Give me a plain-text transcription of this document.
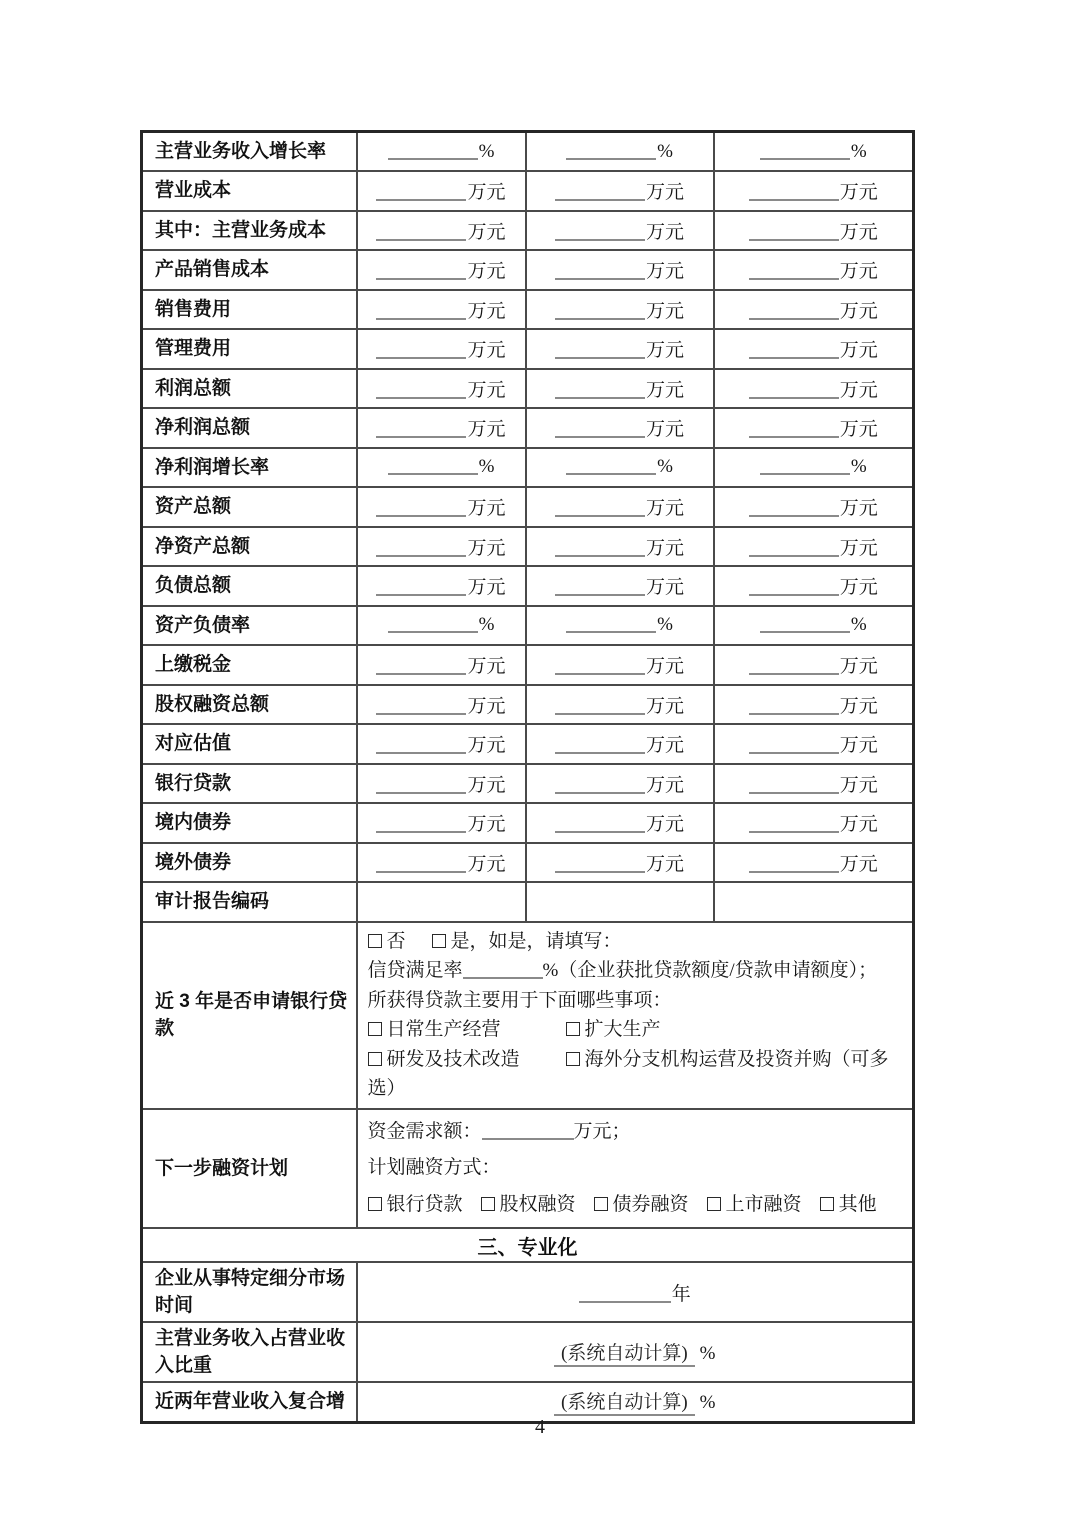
主营业务收入增长率	%	%	%
营业成本	万元	万元	万元
其中：主营业务成本	万元	万元	万元
产品销售成本	万元	万元	万元
销售费用	万元	万元	万元
管理费用	万元	万元	万元
利润总额	万元	万元	万元
净利润总额	万元	万元	万元
净利润增长率	%	%	%
资产总额	万元	万元	万元
净资产总额	万元	万元	万元
负债总额	万元	万元	万元
资产负债率	%	%	%
上缴税金	万元	万元	万元
股权融资总额	万元	万元	万元
对应估值	万元	万元	万元
银行贷款	万元	万元	万元
境内债券	万元	万元	万元
境外债券	万元	万元	万元
审计报告编码			
近 3 年是否申请银行贷款	否 是，如是，请填写：
信贷满足率 %（企业获批贷款额度/贷款申请额度）；
所获得贷款主要用于下面哪些事项：
日常生产经营 扩大生产
研发及技术改造 海外分支机构运营及投资并购（可多选）		

下一步融资计划	资金需求额： 万元；
计划融资方式：
银行贷款 股权融资 债券融资 上市融资 其他		

三、专业化			
企业从事特定细分市场时间	年		
主营业务收入占营业收入比重	(系统自动计算) %		
近两年营业收入复合增	(系统自动计算) %		
4
